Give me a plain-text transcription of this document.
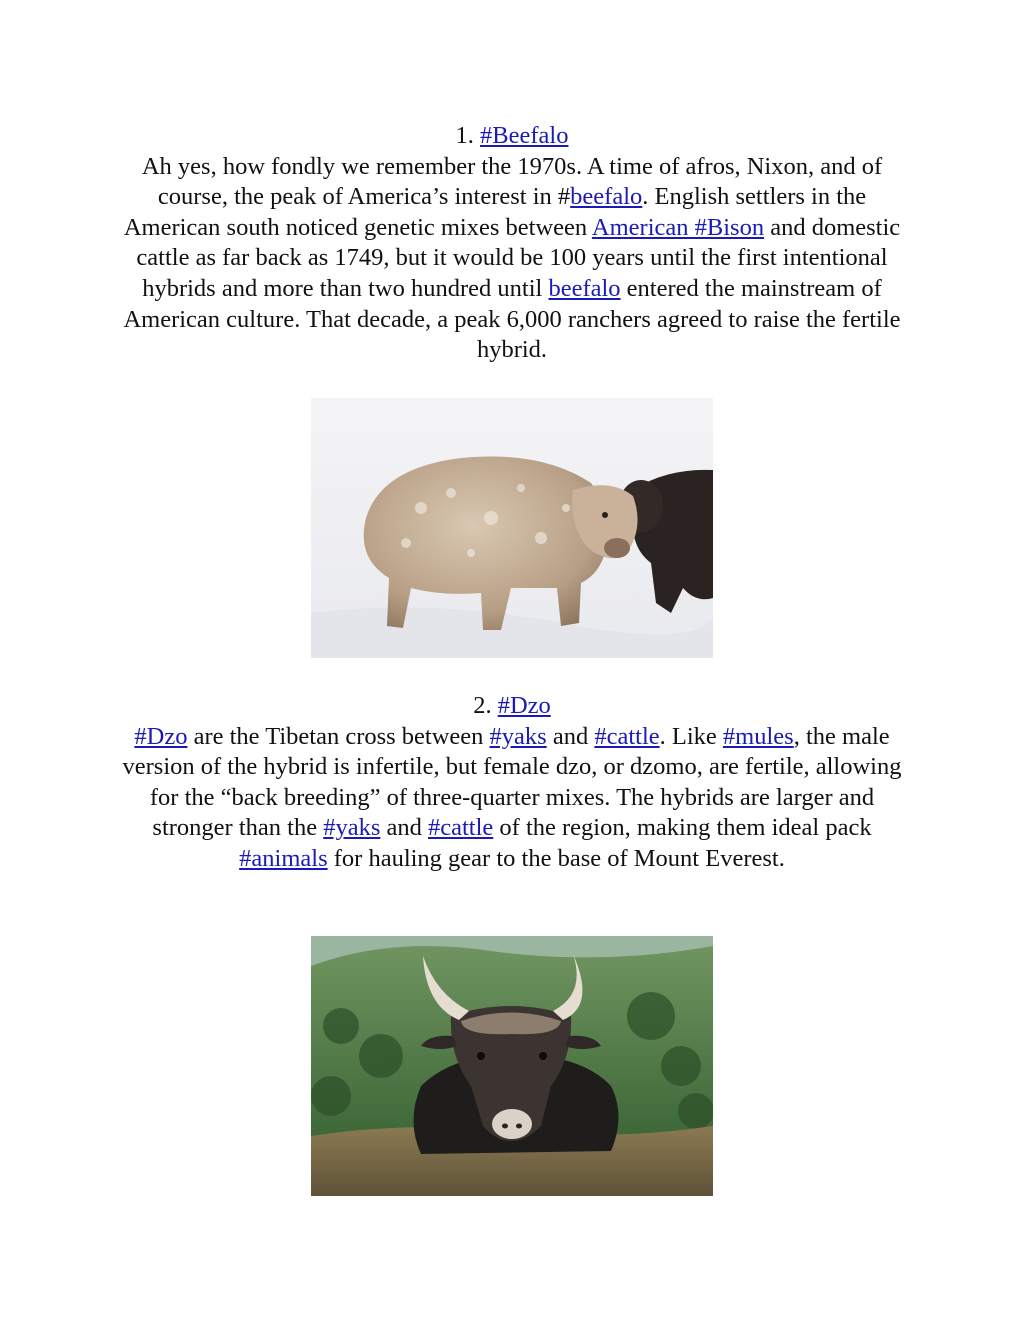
1. #Beefalo
Ah yes, how fondly we remember the 1970s. A time of afros, Nixon, and of course, the peak of America’s interest in #beefalo. English settlers in the American south noticed genetic mixes between American #Bison and domestic cattle as far back as 1749, but it would be 100 years until the first intentional hybrids and more than two hundred until beefalo entered the mainstream of American culture. That decade, a peak 6,000 ranchers agreed to raise the fertile hybrid.
2. #Dzo
#Dzo are the Tibetan cross between #yaks and #cattle. Like #mules, the male version of the hybrid is infertile, but female dzo, or dzomo, are fertile, allowing for the “back breeding” of three-quarter mixes. The hybrids are larger and stronger than the #yaks and #cattle of the region, making them ideal pack #animals for hauling gear to the base of Mount Everest.
